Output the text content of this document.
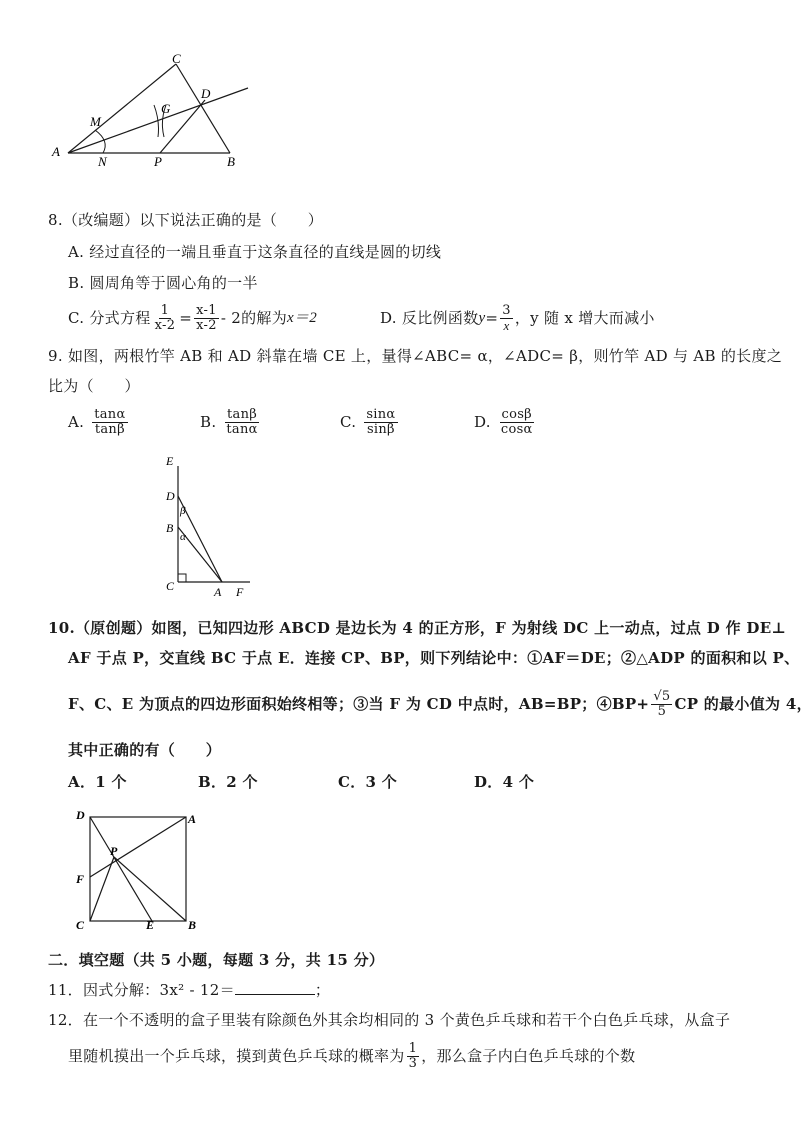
C
D
G
M
A
N	P	B
8.（改编题）以下说法正确的是（　　）
A. 经过直径的一端且垂直于这条直径的直线是圆的切线
B. 圆周角等于圆心角的一半
C. 分式方程 $\frac{1}{x-2} = \frac{x-1}{x-2} - 2$的解为 x＝2	D. 反比例函数 $y = \frac{3}{x}$ ，y 随 x 增大而减小
9. 如图，两根竹竿 AB 和 AD 斜靠在墙 CE 上，量得∠ABC= α，∠ADC= β，则竹竿 AD 与 AB 的长度之
比为（　　）
A. $\frac{\tan\alpha}{\tan\beta}$	B. $\frac{\tan\beta}{\tan\alpha}$	C. $\frac{\sin\alpha}{\sin\beta}$	D. $\frac{\cos\beta}{\cos\alpha}$
E
D
β
B
α
C	A F
10.（原创题）如图，已知四边形 ABCD 是边长为 4 的正方形，F 为射线 DC 上一动点，过点 D 作 DE⊥
AF 于点 P，交直线 BC 于点 E．连接 CP、BP，则下列结论中：①AF＝DE；②△ADP 的面积和以 P、
F、C、E 为顶点的四边形面积始终相等；③当 F 为 CD 中点时，AB=BP；④BP+ $\frac{√5}{5}$ CP 的最小值为 4，
其中正确的有（　　）
A．1 个	B．2 个	C．3 个	D．4 个
D	A
P
F
C	E	B
二．填空题（共 5 小题，每题 3 分，共 15 分）
11．因式分解：3x² - 12＝	；
12．在一个不透明的盒子里装有除颜色外其余均相同的 3 个黄色乒乓球和若干个白色乒乓球，从盒子
里随机摸出一个乒乓球，摸到黄色乒乓球的概率为 $\frac{1}{3}$ ，那么盒子内白色乒乓球的个数
